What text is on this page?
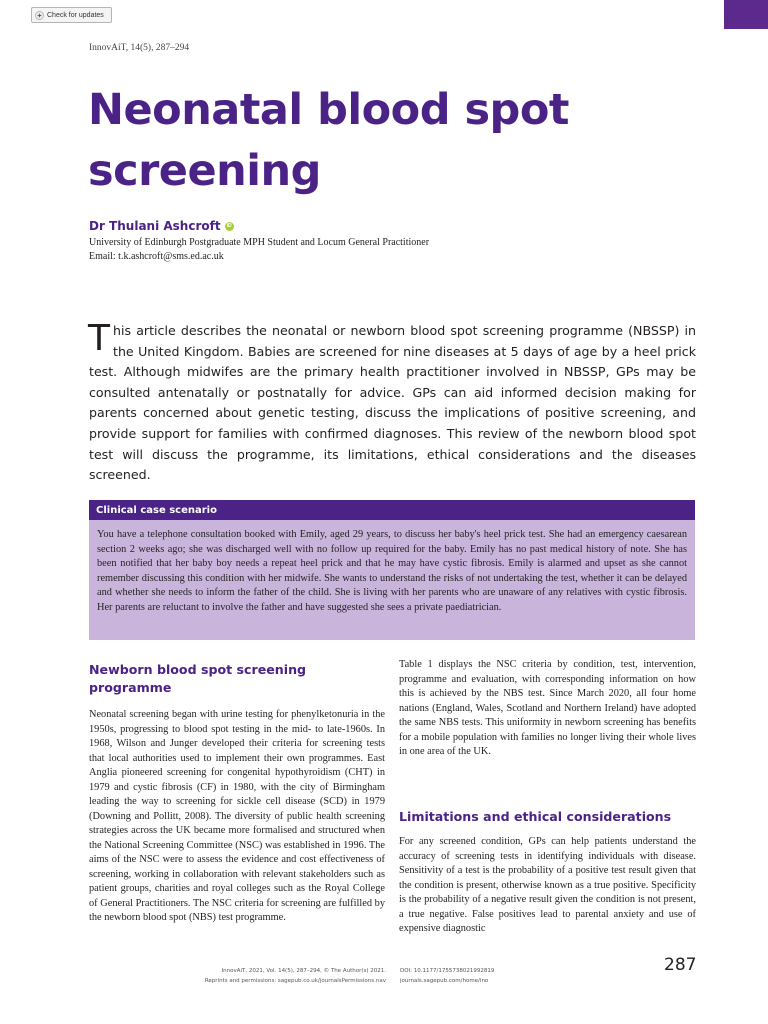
Check for updates
InnovAiT, 14(5), 287–294
Neonatal blood spot screening
Dr Thulani Ashcroft	iD
University of Edinburgh Postgraduate MPH Student and Locum General Practitioner
Email: t.k.ashcroft@sms.ed.ac.uk

This article describes the neonatal or newborn blood spot screening programme (NBSSP) in the United Kingdom. Babies are screened for nine diseases at 5 days of age by a heel prick test. Although midwifes are the primary health practitioner involved in NBSSP, GPs may be consulted antenatally or postnatally for advice. GPs can aid informed decision making for parents concerned about genetic testing, discuss the implications of positive screening, and provide support for families with confirmed diagnoses. This review of the newborn blood spot test will discuss the programme, its limitations, ethical considerations and the diseases screened.

Clinical case scenario

You have a telephone consultation booked with Emily, aged 29 years, to discuss her baby's heel prick test. She had an emergency caesarean section 2 weeks ago; she was discharged well with no follow up required for the baby. Emily has no past medical history of note. She has been notified that her baby boy needs a repeat heel prick and that he may have cystic fibrosis. Emily is alarmed and upset as she cannot remember discussing this condition with her midwife. She wants to understand the risks of not undertaking the test, whether it can be delayed and whether she needs to inform the father of the child. She is living with her parents who are unaware of any relatives with cystic fibrosis. Her parents are reluctant to involve the father and have suggested she sees a private paediatrician.

Newborn blood spot screening programme

Neonatal screening began with urine testing for phenylketonuria in the 1950s, progressing to blood spot testing in the mid- to late-1960s. In 1968, Wilson and Junger developed their criteria for screening tests that local authorities used to implement their own programmes. East Anglia pioneered screening for congenital hypothyroidism (CHT) in 1979 and cystic fibrosis (CF) in 1980, with the city of Birmingham leading the way to screening for sickle cell disease (SCD) in 1979 (Downing and Pollitt, 2008). The diversity of public health screening strategies across the UK became more formalised and structured when the National Screening Committee (NSC) was established in 1996. The aims of the NSC were to assess the evidence and cost effectiveness of screening, working in collaboration with relevant stakeholders such as patient groups, charities and royal colleges such as the Royal College of General Practitioners. The NSC criteria for screening are fulfilled by the newborn blood spot (NBS) test programme.

Table 1 displays the NSC criteria by condition, test, intervention, programme and evaluation, with corresponding information on how this is achieved by the NBS test. Since March 2020, all four home nations (England, Wales, Scotland and Northern Ireland) have adopted the same NBS tests. This uniformity in newborn screening has benefits for a mobile population with families no longer living their whole lives in one area of the UK.

Limitations and ethical considerations

For any screened condition, GPs can help patients understand the accuracy of screening tests in identifying individuals with disease. Sensitivity of a test is the probability of a positive test result given that the condition is present, otherwise known as a true positive. Specificity is the probability of a negative result given the condition is not present, a true negative. False positives lead to parental anxiety and use of expensive diagnostic

InnovAiT, 2021, Vol. 14(5), 287–294, © The Author(s) 2021.
Reprints and permissions: sagepub.co.uk/journalsPermissions.nav
DOI: 10.1177/1755738021992819
journals.sagepub.com/home/ino
287
